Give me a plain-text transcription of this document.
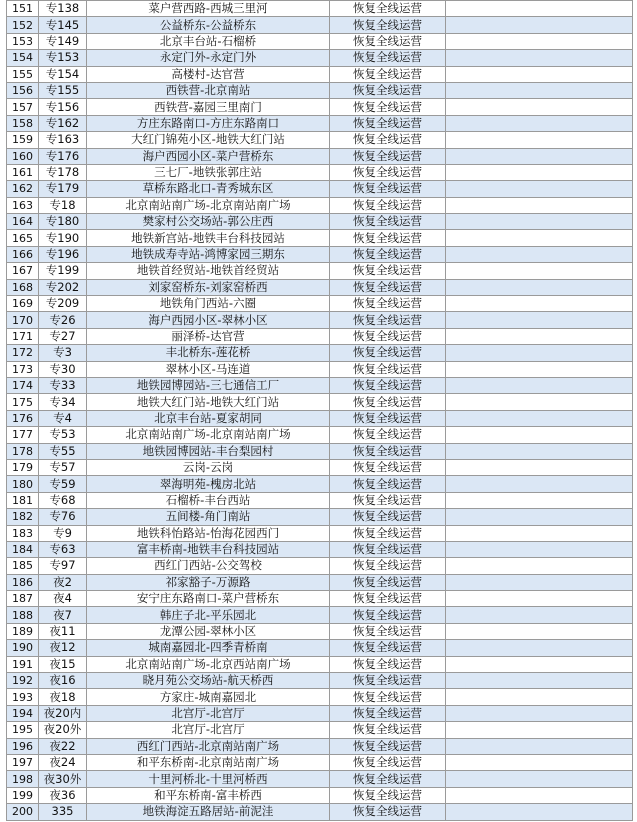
151	专138	菜户营西路-西城三里河	恢复全线运营	
152	专145	公益桥东-公益桥东	恢复全线运营	
153	专149	北京丰台站-石榴桥	恢复全线运营	
154	专153	永定门外-永定门外	恢复全线运营	
155	专154	高楼村-达官营	恢复全线运营	
156	专155	西铁营-北京南站	恢复全线运营	
157	专156	西铁营-嘉园三里南门	恢复全线运营	
158	专162	方庄东路南口-方庄东路南口	恢复全线运营	
159	专163	大红门锦苑小区-地铁大红门站	恢复全线运营	
160	专176	海户西园小区-菜户营桥东	恢复全线运营	
161	专178	三七厂-地铁张郭庄站	恢复全线运营	
162	专179	草桥东路北口-青秀城东区	恢复全线运营	
163	专18	北京南站南广场-北京南站南广场	恢复全线运营	
164	专180	樊家村公交场站-郭公庄西	恢复全线运营	
165	专190	地铁新宫站-地铁丰台科技园站	恢复全线运营	
166	专196	地铁成寿寺站-鸿博家园三期东	恢复全线运营	
167	专199	地铁首经贸站-地铁首经贸站	恢复全线运营	
168	专202	刘家窑桥东-刘家窑桥西	恢复全线运营	
169	专209	地铁角门西站-六圈	恢复全线运营	
170	专26	海户西园小区-翠林小区	恢复全线运营	
171	专27	丽泽桥-达官营	恢复全线运营	
172	专3	丰北桥东-莲花桥	恢复全线运营	
173	专30	翠林小区-马连道	恢复全线运营	
174	专33	地铁园博园站-三七通信工厂	恢复全线运营	
175	专34	地铁大红门站-地铁大红门站	恢复全线运营	
176	专4	北京丰台站-夏家胡同	恢复全线运营	
177	专53	北京南站南广场-北京南站南广场	恢复全线运营	
178	专55	地铁园博园站-丰台梨园村	恢复全线运营	
179	专57	云岗-云岗	恢复全线运营	
180	专59	翠海明苑-槐房北站	恢复全线运营	
181	专68	石榴桥-丰台西站	恢复全线运营	
182	专76	五间楼-角门南站	恢复全线运营	
183	专9	地铁科怡路站-怡海花园西门	恢复全线运营	
184	专63	富丰桥南-地铁丰台科技园站	恢复全线运营	
185	专97	西红门西站-公交驾校	恢复全线运营	
186	夜2	祁家豁子-万源路	恢复全线运营	
187	夜4	安宁庄东路南口-菜户营桥东	恢复全线运营	
188	夜7	韩庄子北-平乐园北	恢复全线运营	
189	夜11	龙潭公园-翠林小区	恢复全线运营	
190	夜12	城南嘉园北-四季青桥南	恢复全线运营	
191	夜15	北京南站南广场-北京西站南广场	恢复全线运营	
192	夜16	晓月苑公交场站-航天桥西	恢复全线运营	
193	夜18	方家庄-城南嘉园北	恢复全线运营	
194	夜20内	北宫厅-北宫厅	恢复全线运营	
195	夜20外	北宫厅-北宫厅	恢复全线运营	
196	夜22	西红门西站-北京南站南广场	恢复全线运营	
197	夜24	和平东桥南-北京南站南广场	恢复全线运营	
198	夜30外	十里河桥北-十里河桥西	恢复全线运营	
199	夜36	和平东桥南-富丰桥西	恢复全线运营	
200	335	地铁海淀五路居站-前泥洼	恢复全线运营	
